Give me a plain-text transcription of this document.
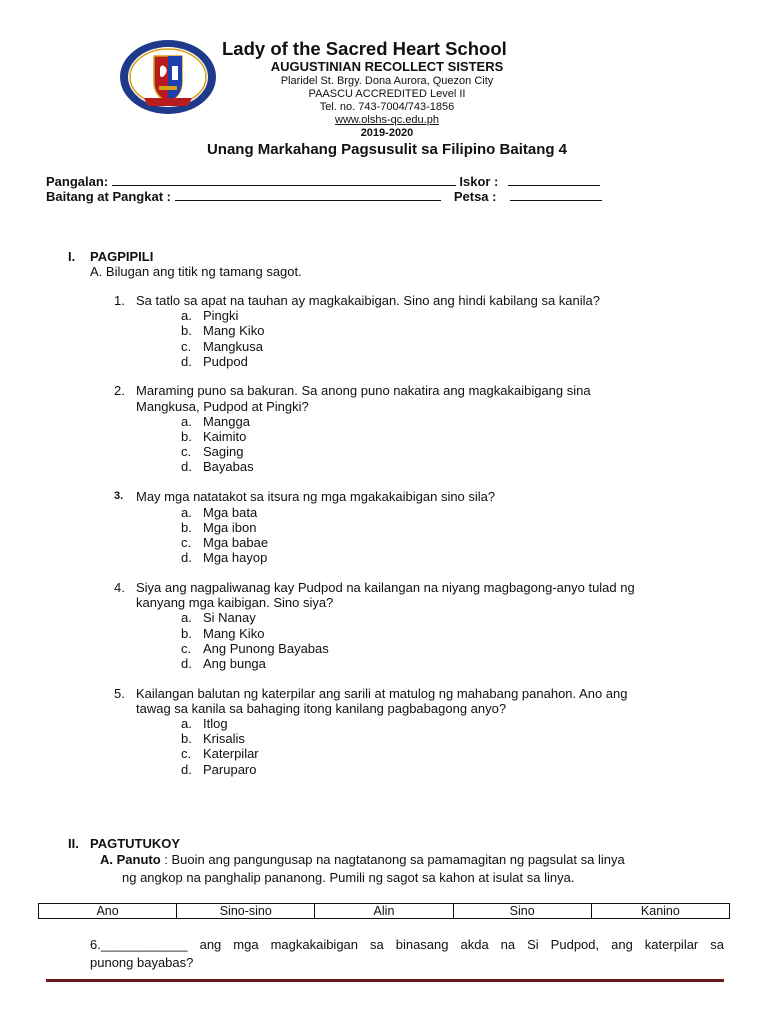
Lady of the Sacred Heart School
AUGUSTINIAN RECOLLECT SISTERS
Plaridel St. Brgy. Dona Aurora, Quezon City
PAASCU ACCREDITED Level II
Tel. no. 743-7004/743-1856
www.olshs-qc.edu.ph
2019-2020
Unang Markahang Pagsusulit sa Filipino Baitang 4
Pangalan:	Iskor :
Baitang at Pangkat :	Petsa :
I. PAGPIPILI
A. Bilugan ang titik ng tamang sagot.
1. Sa tatlo sa apat na tauhan ay magkakaibigan. Sino ang hindi kabilang sa kanila?
a. Pingki
b. Mang Kiko
c. Mangkusa
d. Pudpod
2. Maraming puno sa bakuran. Sa anong puno nakatira ang magkakaibigang sina
Mangkusa, Pudpod at Pingki?
a. Mangga
b. Kaimito
c. Saging
d. Bayabas
3. May mga natatakot sa itsura ng mga mgakakaibigan sino sila?
a. Mga bata
b. Mga ibon
c. Mga babae
d. Mga hayop
4. Siya ang nagpaliwanag kay Pudpod na kailangan na niyang magbagong-anyo tulad ng
kanyang mga kaibigan. Sino siya?
a. Si Nanay
b. Mang Kiko
c. Ang Punong Bayabas
d. Ang bunga
5. Kailangan balutan ng katerpilar ang sarili at matulog ng mahabang panahon. Ano ang
tawag sa kanila sa bahaging itong kanilang pagbabagong anyo?
a. Itlog
b. Krisalis
c. Katerpilar
d. Paruparo
II. PAGTUTUKOY
A. Panuto : Buoin ang pangungusap na nagtatanong sa pamamagitan ng pagsulat sa linya
ng angkop na panghalip pananong. Pumili ng sagot sa kahon at isulat sa linya.
Ano	Sino-sino	Alin	Sino	Kanino
6.____________ ang mga magkakaibigan sa binasang akda na Si Pudpod, ang katerpilar sa
punong bayabas?
